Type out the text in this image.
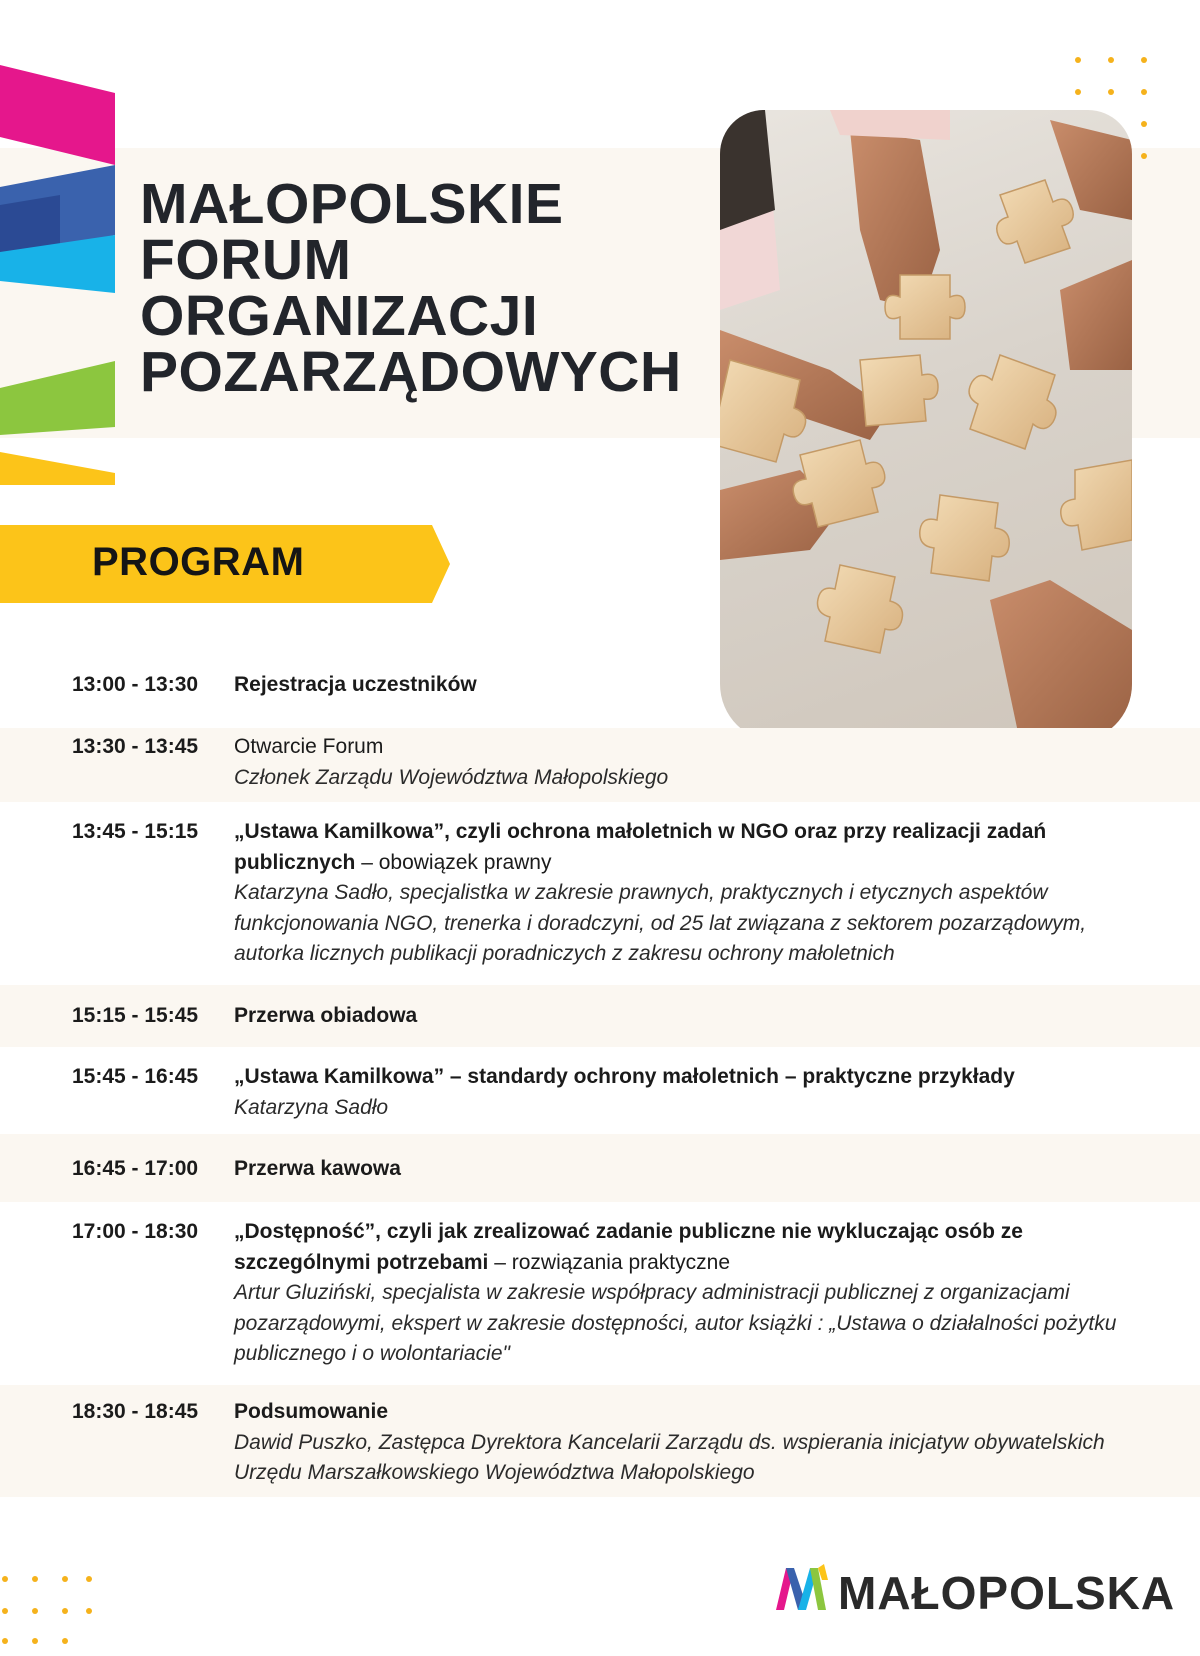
MAŁOPOLSKIE
FORUM
ORGANIZACJI
POZARZĄDOWYCH
PROGRAM
13:00 - 13:30 Rejestracja uczestników
13:30 - 13:45 Otwarcie Forum
Członek Zarządu Województwa Małopolskiego
13:45 - 15:15 „Ustawa Kamilkowa”, czyli ochrona małoletnich w NGO oraz przy realizacji zadań publicznych – obowiązek prawny
Katarzyna Sadło, specjalistka w zakresie prawnych, praktycznych i etycznych aspektów funkcjonowania NGO, trenerka i doradczyni, od 25 lat związana z sektorem pozarządowym, autorka licznych publikacji poradniczych z zakresu ochrony małoletnich
15:15 - 15:45 Przerwa obiadowa
15:45 - 16:45 „Ustawa Kamilkowa” – standardy ochrony małoletnich – praktyczne przykłady
Katarzyna Sadło
16:45 - 17:00 Przerwa kawowa
17:00 - 18:30 „Dostępność”, czyli jak zrealizować zadanie publiczne nie wykluczając osób ze szczególnymi potrzebami – rozwiązania praktyczne
Artur Gluziński, specjalista w zakresie współpracy administracji publicznej z organizacjami pozarządowymi, ekspert w zakresie dostępności, autor książki : „Ustawa o działalności pożytku publicznego i o wolontariacie"
18:30 - 18:45 Podsumowanie
Dawid Puszko, Zastępca Dyrektora Kancelarii Zarządu ds. wspierania inicjatyw obywatelskich Urzędu Marszałkowskiego Województwa Małopolskiego
MAŁOPOLSKA
